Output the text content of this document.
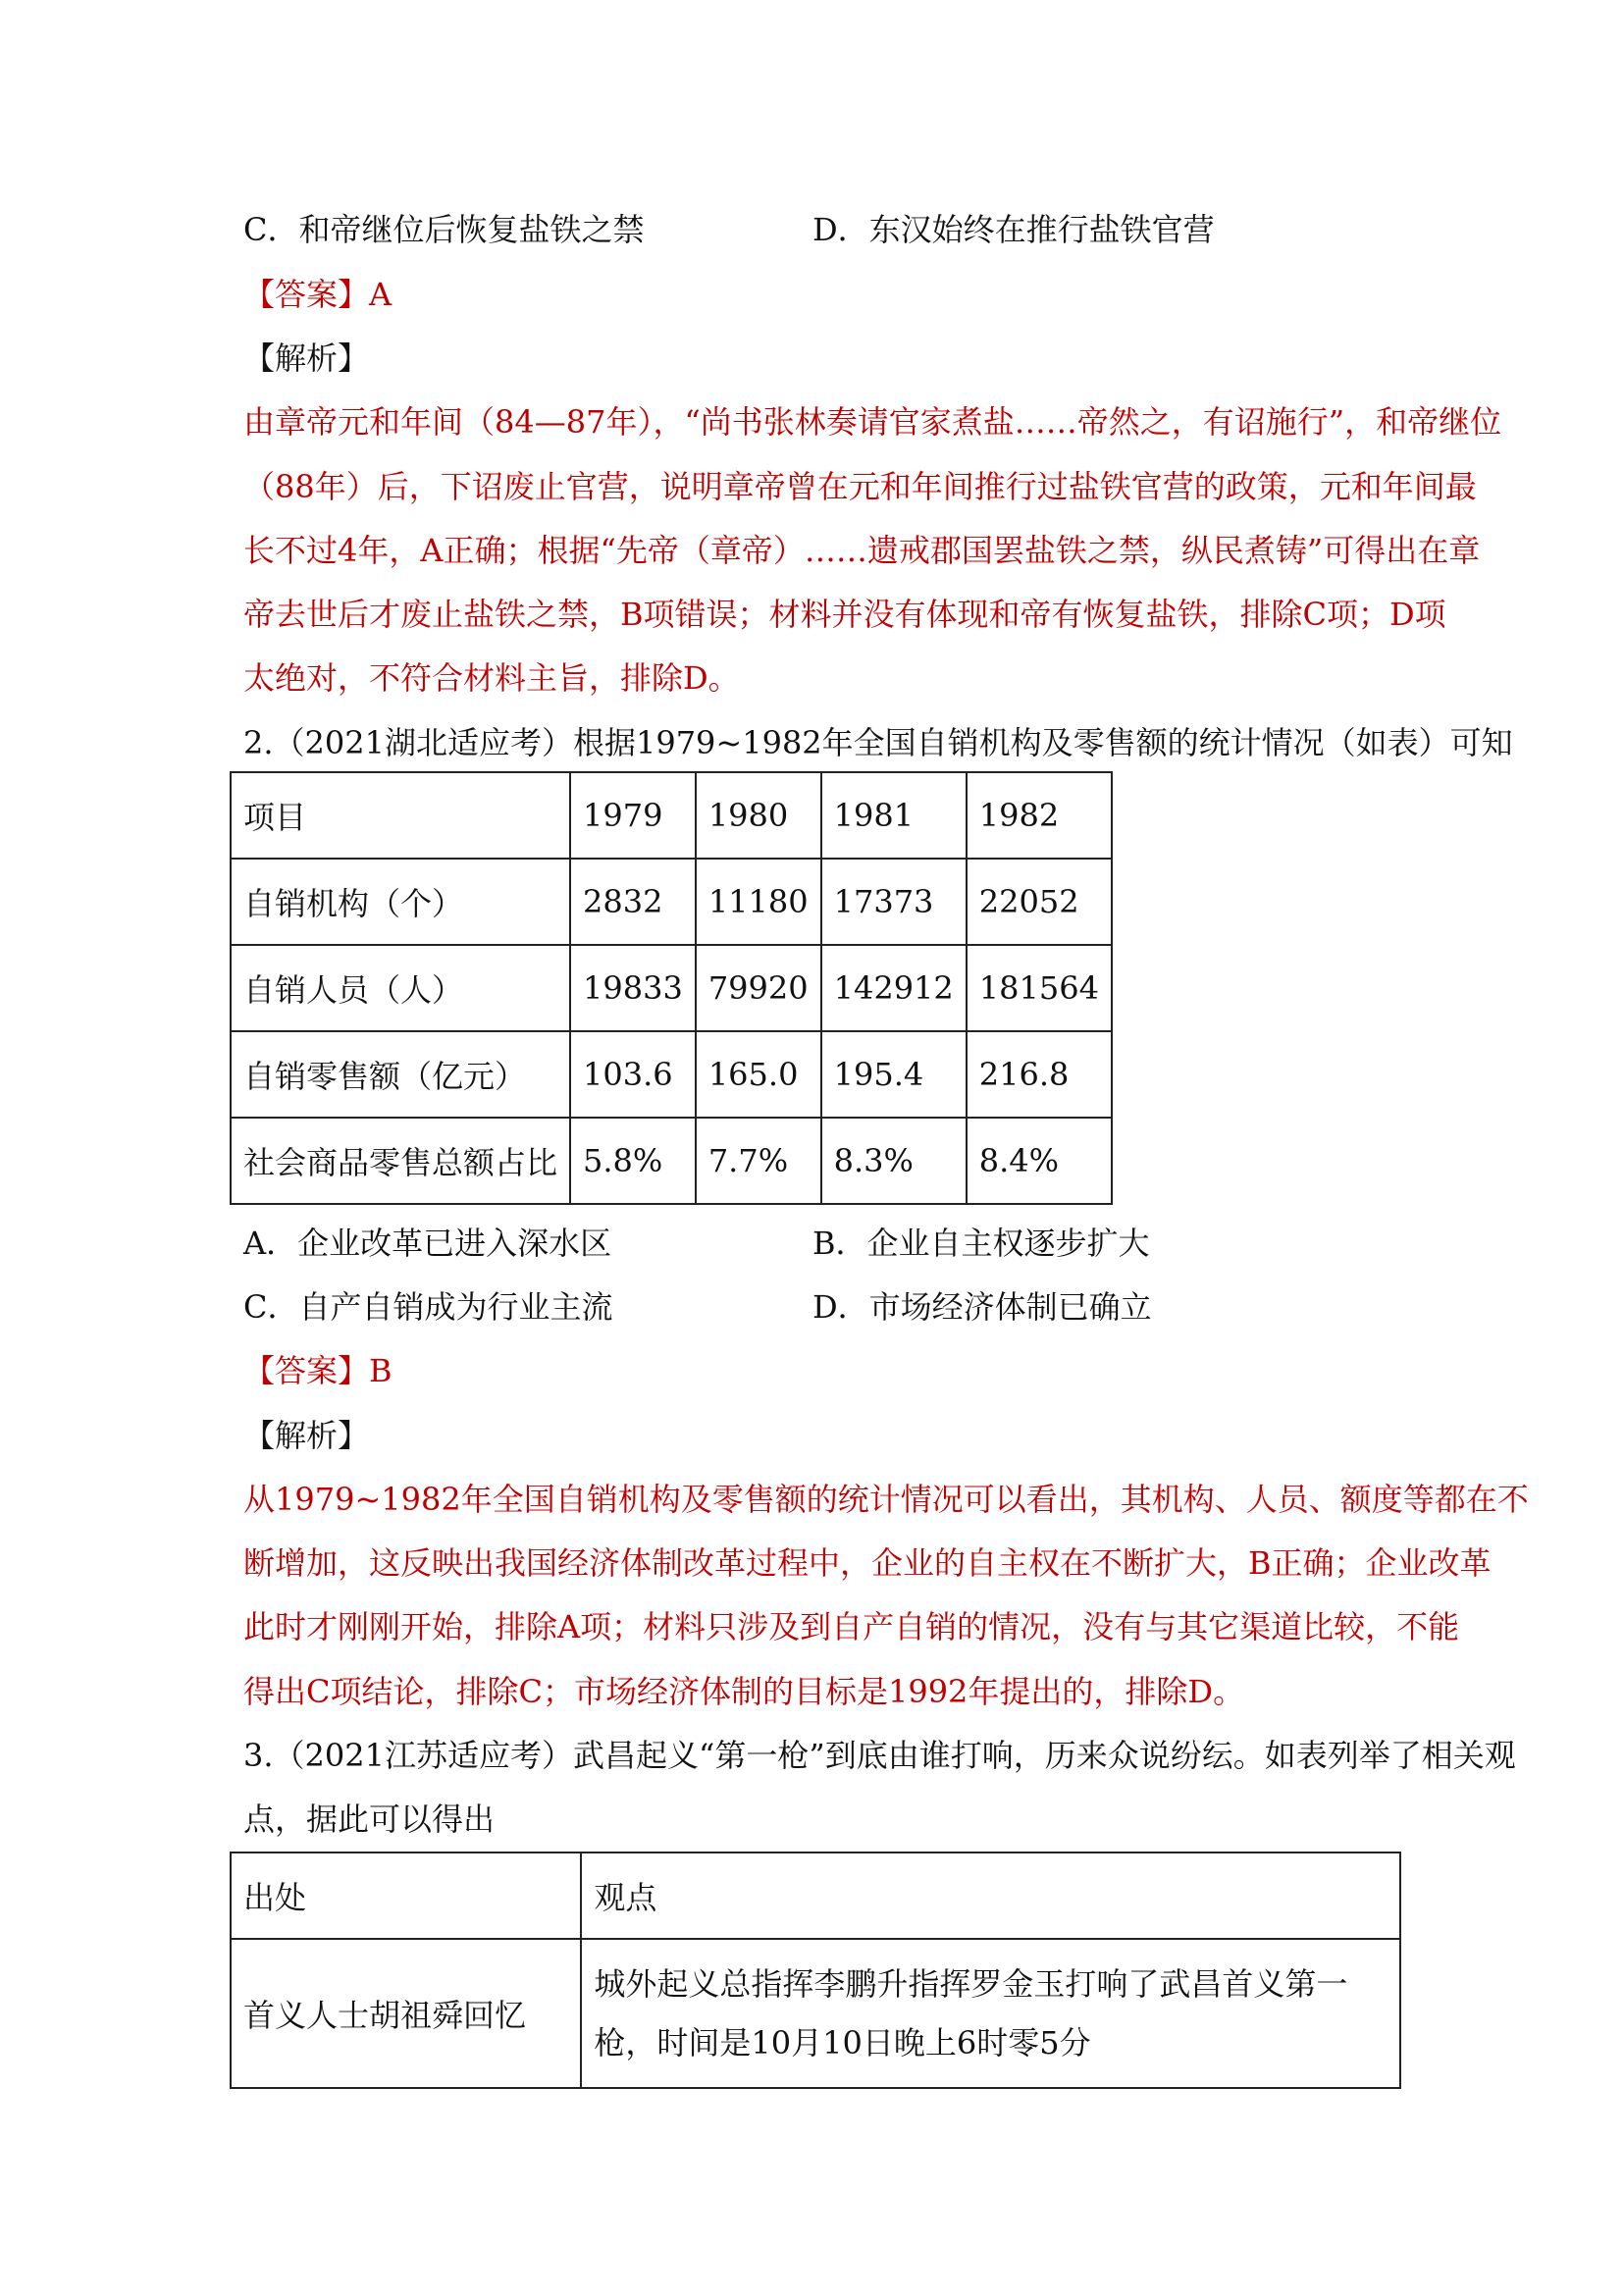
C．和帝继位后恢复盐铁之禁	D．东汉始终在推行盐铁官营
【答案】A
【解析】
由章帝元和年间（84—87年），“尚书张林奏请官家煮盐……帝然之，有诏施行”，和帝继位
（88年）后，下诏废止官营，说明章帝曾在元和年间推行过盐铁官营的政策，元和年间最
长不过4年，A正确；根据“先帝（章帝）……遗戒郡国罢盐铁之禁，纵民煮铸”可得出在章
帝去世后才废止盐铁之禁，B项错误；材料并没有体现和帝有恢复盐铁，排除C项；D项
太绝对，不符合材料主旨，排除D。
2.（2021湖北适应考）根据1979~1982年全国自销机构及零售额的统计情况（如表）可知
项目	1979	1980	1981	1982
自销机构（个）	2832	11180	17373	22052
自销人员（人）	19833	79920	142912	181564
自销零售额（亿元）	103.6	165.0	195.4	216.8
社会商品零售总额占比	5.8%	7.7%	8.3%	8.4%
A．企业改革已进入深水区	B．企业自主权逐步扩大
C．自产自销成为行业主流	D．市场经济体制已确立
【答案】B
【解析】
从1979~1982年全国自销机构及零售额的统计情况可以看出，其机构、人员、额度等都在不
断增加，这反映出我国经济体制改革过程中，企业的自主权在不断扩大，B正确；企业改革
此时才刚刚开始，排除A项；材料只涉及到自产自销的情况，没有与其它渠道比较，不能
得出C项结论，排除C；市场经济体制的目标是1992年提出的，排除D。
3.（2021江苏适应考）武昌起义“第一枪”到底由谁打响，历来众说纷纭。如表列举了相关观
点，据此可以得出
出处	观点
首义人士胡祖舜回忆	城外起义总指挥李鹏升指挥罗金玉打响了武昌首义第一枪，时间是10月10日晚上6时零5分
